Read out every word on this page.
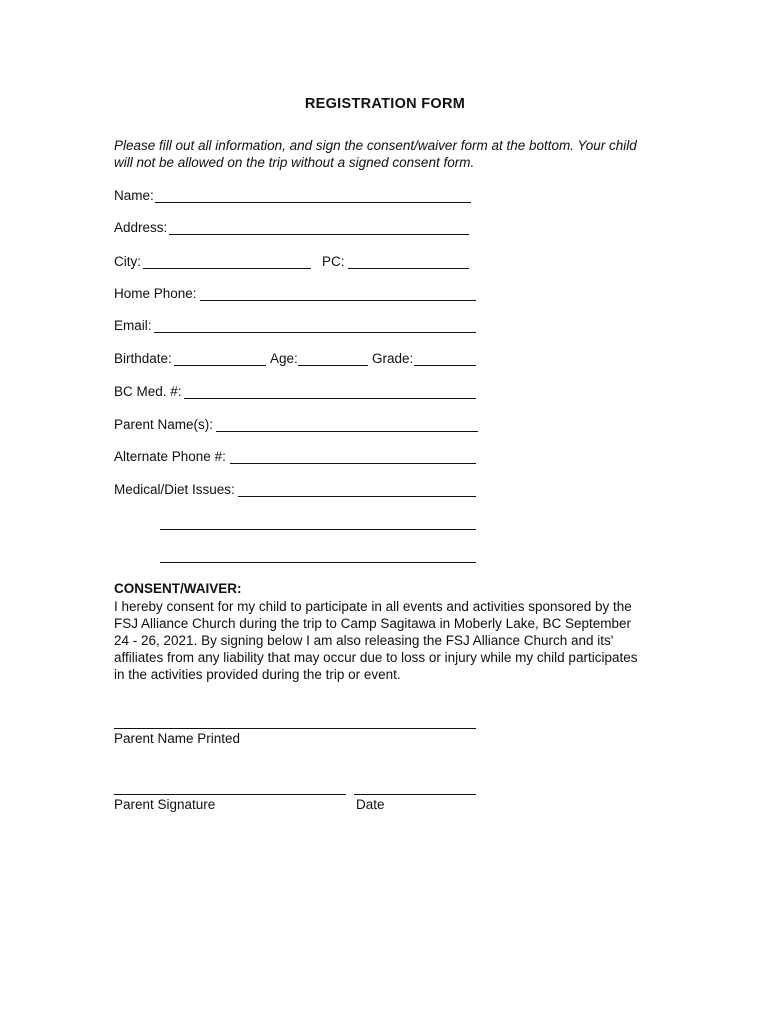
REGISTRATION FORM
Please fill out all information, and sign the consent/waiver form at the bottom. Your child
will not be allowed on the trip without a signed consent form.
Name:
Address:
City:	PC:
Home Phone:
Email:
Birthdate:	Age:	Grade:
BC Med. #:
Parent Name(s):
Alternate Phone #:
Medical/Diet Issues:
CONSENT/WAIVER:
I hereby consent for my child to participate in all events and activities sponsored by the
FSJ Alliance Church during the trip to Camp Sagitawa in Moberly Lake, BC September
24 - 26, 2021. By signing below I am also releasing the FSJ Alliance Church and its'
affiliates from any liability that may occur due to loss or injury while my child participates
in the activities provided during the trip or event.
Parent Name Printed
Parent Signature	Date
